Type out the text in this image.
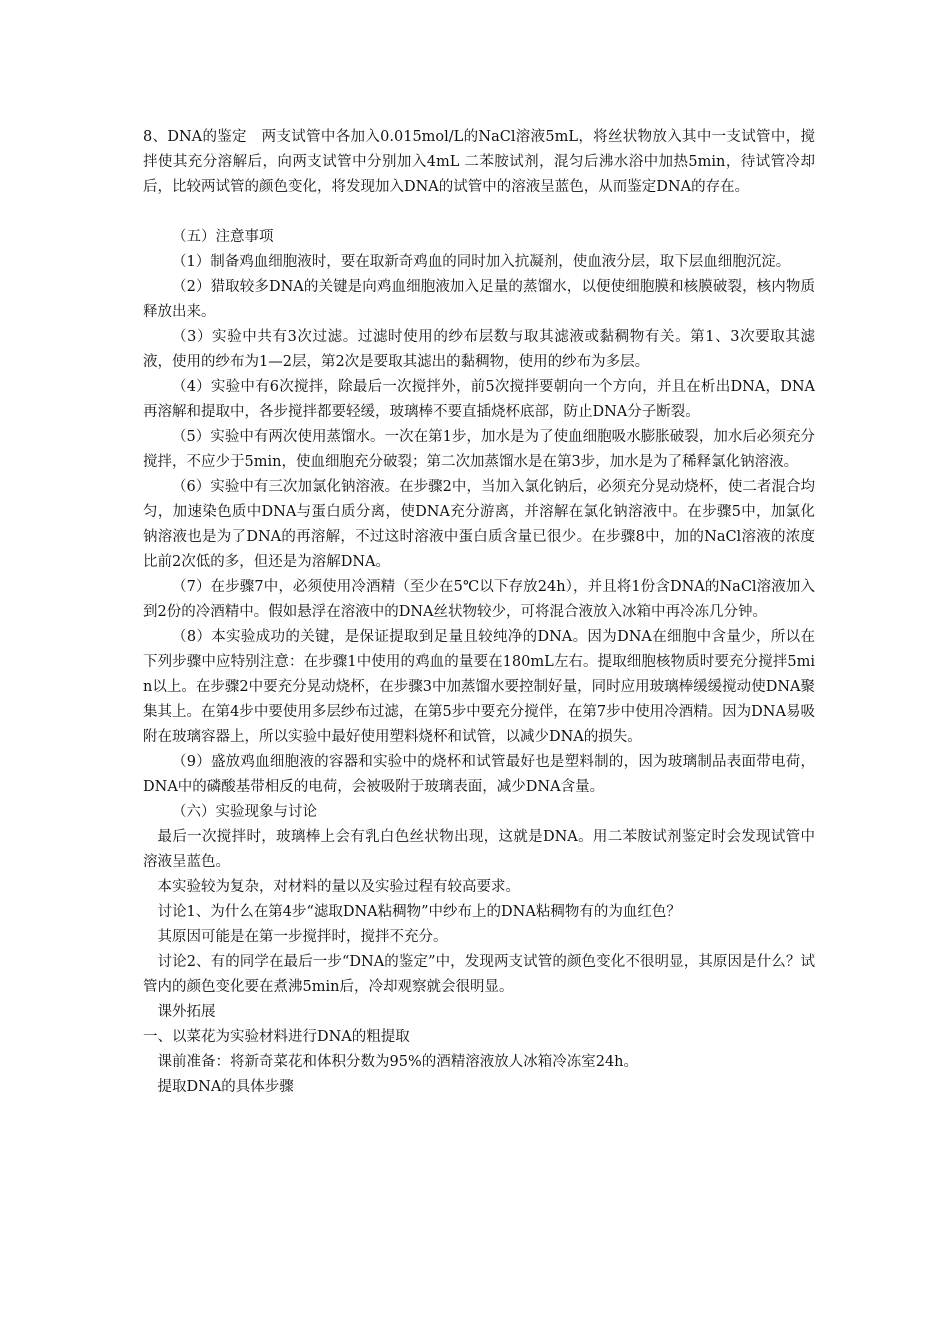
8、DNA的鉴定　两支试管中各加入0.015mol/L的NaCl溶液5mL，将丝状物放入其中一支试管中，搅拌使其充分溶解后，向两支试管中分别加入4mL 二苯胺试剂，混匀后沸水浴中加热5min，待试管冷却后，比较两试管的颜色变化，将发现加入DNA的试管中的溶液呈蓝色，从而鉴定DNA的存在。

（五）注意事项

（1）制备鸡血细胞液时，要在取新奇鸡血的同时加入抗凝剂，使血液分层，取下层血细胞沉淀。

（2）猎取较多DNA的关键是向鸡血细胞液加入足量的蒸馏水，以便使细胞膜和核膜破裂，核内物质释放出来。

（3）实验中共有3次过滤。过滤时使用的纱布层数与取其滤液或黏稠物有关。第1、3次要取其滤液，使用的纱布为1—2层，第2次是要取其滤出的黏稠物，使用的纱布为多层。

（4）实验中有6次搅拌，除最后一次搅拌外，前5次搅拌要朝向一个方向，并且在析出DNA，DNA再溶解和提取中，各步搅拌都要轻缓，玻璃棒不要直插烧杯底部，防止DNA分子断裂。

（5）实验中有两次使用蒸馏水。一次在第1步，加水是为了使血细胞吸水膨胀破裂，加水后必须充分搅拌，不应少于5min，使血细胞充分破裂；第二次加蒸馏水是在第3步，加水是为了稀释氯化钠溶液。

（6）实验中有三次加氯化钠溶液。在步骤2中，当加入氯化钠后，必须充分晃动烧杯，使二者混合均匀，加速染色质中DNA与蛋白质分离，使DNA充分游离，并溶解在氯化钠溶液中。在步骤5中，加氯化钠溶液也是为了DNA的再溶解，不过这时溶液中蛋白质含量已很少。在步骤8中，加的NaCl溶液的浓度比前2次低的多，但还是为溶解DNA。

（7）在步骤7中，必须使用冷酒精（至少在5℃以下存放24h），并且将1份含DNA的NaCl溶液加入到2份的冷酒精中。假如悬浮在溶液中的DNA丝状物较少，可将混合液放入冰箱中再冷冻几分钟。

（8）本实验成功的关键，是保证提取到足量且较纯净的DNA。因为DNA在细胞中含量少，所以在下列步骤中应特别注意：在步骤1中使用的鸡血的量要在180mL左右。提取细胞核物质时要充分搅拌5min以上。在步骤2中要充分晃动烧杯，在步骤3中加蒸馏水要控制好量，同时应用玻璃棒缓缓搅动使DNA聚集其上。在第4步中要使用多层纱布过滤，在第5步中要充分搅伴，在第7步中使用冷酒精。因为DNA易吸附在玻璃容器上，所以实验中最好使用塑料烧杯和试管，以减少DNA的损失。

（9）盛放鸡血细胞液的容器和实验中的烧杯和试管最好也是塑料制的，因为玻璃制品表面带电荷，DNA中的磷酸基带相反的电荷，会被吸附于玻璃表面，减少DNA含量。

（六）实验现象与讨论

最后一次搅拌时，玻璃棒上会有乳白色丝状物出现，这就是DNA。用二苯胺试剂鉴定时会发现试管中溶液呈蓝色。

本实验较为复杂，对材料的量以及实验过程有较高要求。

讨论1、为什么在第4步“滤取DNA粘稠物”中纱布上的DNA粘稠物有的为血红色？

其原因可能是在第一步搅拌时，搅拌不充分。

讨论2、有的同学在最后一步“DNA的鉴定”中，发现两支试管的颜色变化不很明显，其原因是什么？试管内的颜色变化要在煮沸5min后，冷却观察就会很明显。

课外拓展

一、以菜花为实验材料进行DNA的粗提取

课前准备：将新奇菜花和体积分数为95%的酒精溶液放人冰箱冷冻室24h。

提取DNA的具体步骤
